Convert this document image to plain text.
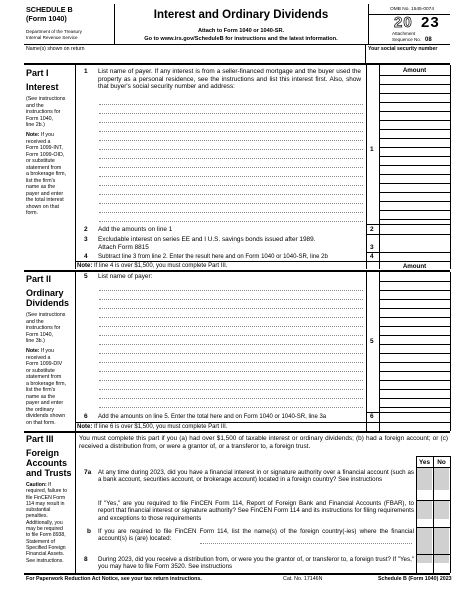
SCHEDULE B
(Form 1040)
Department of the Treasury
Internal Revenue Service
Interest and Ordinary Dividends
Attach to Form 1040 or 1040-SR.
Go to www.irs.gov/ScheduleB for instructions and the latest information.
OMB No. 1545-0074
20 23
Attachment
Sequence No. 08
Name(s) shown on return	Your social security number
Part I
Interest
(See instructions
and the
instructions for
Form 1040,
line 2b.)
Note: If you
received a
Form 1099-INT,
Form 1099-OID,
or substitute
statement from
a brokerage firm,
list the firm's
name as the
payer and enter
the total interest
shown on that
form.
Amount
1 List name of payer. If any interest is from a seller-financed mortgage and the buyer used the property as a personal residence, see the instructions and list this interest first. Also, show that buyer's social security number and address:
1
2 Add the amounts on line 1	2
3 Excludable interest on series EE and I U.S. savings bonds issued after 1989.
Attach Form 8815	3
4 Subtract line 3 from line 2. Enter the result here and on Form 1040 or 1040-SR, line 2b	4
Note: If line 4 is over $1,500, you must complete Part III.
Part II
Ordinary
Dividends
(See instructions
and the
instructions for
Form 1040,
line 3b.)
Note: If you
received a
Form 1099-DIV
or substitute
statement from
a brokerage firm,
list the firm's
name as the
payer and enter
the ordinary
dividends shown
on that form.
Amount
5 List name of payer:
5
6 Add the amounts on line 5. Enter the total here and on Form 1040 or 1040-SR, line 3a	6
Note: If line 6 is over $1,500, you must complete Part III.
Part III
Foreign
Accounts
and Trusts
Caution: If
required, failure to
file FinCEN Form
114 may result in
substantial
penalties.
Additionally, you
may be required
to file Form 8938,
Statement of
Specified Foreign
Financial Assets.
See instructions.
You must complete this part if you (a) had over $1,500 of taxable interest or ordinary dividends; (b) had a foreign account; or (c) received a distribution from, or were a grantor of, or a transferor to, a foreign trust.
Yes	No
7a At any time during 2023, did you have a financial interest in or signature authority over a financial account (such as a bank account, securities account, or brokerage account) located in a foreign country? See instructions
If "Yes," are you required to file FinCEN Form 114, Report of Foreign Bank and Financial Accounts (FBAR), to report that financial interest or signature authority? See FinCEN Form 114 and its instructions for filing requirements and exceptions to those requirements
b If you are required to file FinCEN Form 114, list the name(s) of the foreign country(-ies) where the financial account(s) is (are) located:
8 During 2023, did you receive a distribution from, or were you the grantor of, or transferor to, a foreign trust? If "Yes," you may have to file Form 3520. See instructions
For Paperwork Reduction Act Notice, see your tax return instructions.	Cat. No. 17146N	Schedule B (Form 1040) 2023
